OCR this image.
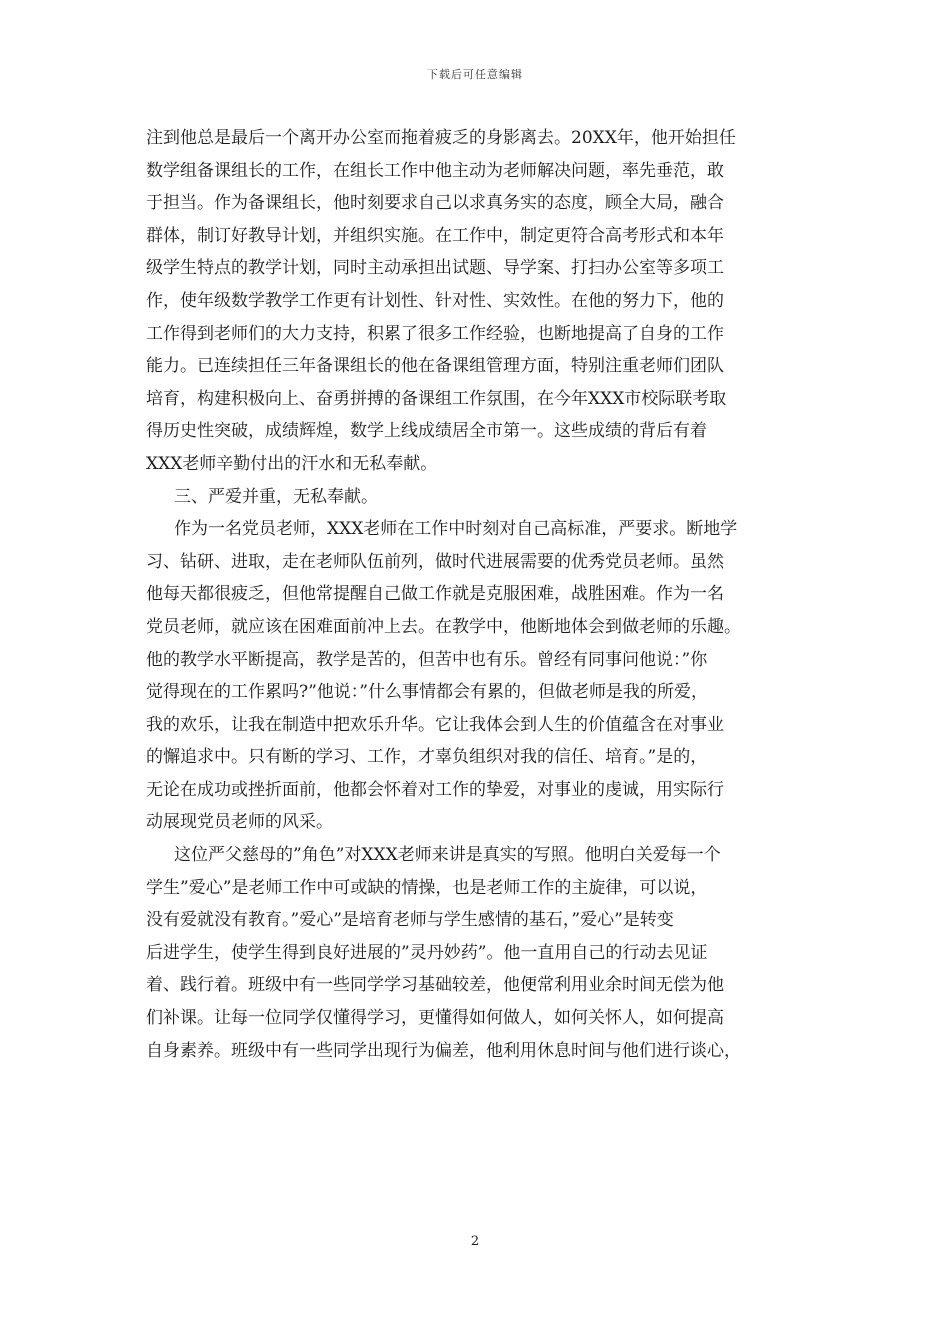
下载后可任意编辑
注到他总是最后一个离开办公室而拖着疲乏的身影离去。20XX年，他开始担任
数学组备课组长的工作，在组长工作中他主动为老师解决问题，率先垂范，敢
于担当。作为备课组长，他时刻要求自己以求真务实的态度，顾全大局，融合
群体，制订好教导计划，并组织实施。在工作中，制定更符合高考形式和本年
级学生特点的教学计划，同时主动承担出试题、导学案、打扫办公室等多项工
作，使年级数学教学工作更有计划性、针对性、实效性。在他的努力下，他的
工作得到老师们的大力支持，积累了很多工作经验，也断地提高了自身的工作
能力。已连续担任三年备课组长的他在备课组管理方面，特别注重老师们团队
培育，构建积极向上、奋勇拼搏的备课组工作氛围，在今年XXX市校际联考取
得历史性突破，成绩辉煌，数学上线成绩居全市第一。这些成绩的背后有着
XXX老师辛勤付出的汗水和无私奉献。
三、严爱并重，无私奉献。
作为一名党员老师，XXX老师在工作中时刻对自己高标准，严要求。断地学
习、钻研、进取，走在老师队伍前列，做时代进展需要的优秀党员老师。虽然
他每天都很疲乏，但他常提醒自己做工作就是克服困难，战胜困难。作为一名
党员老师，就应该在困难面前冲上去。在教学中，他断地体会到做老师的乐趣。
他的教学水平断提高，教学是苦的，但苦中也有乐。曾经有同事问他说：”你
觉得现在的工作累吗?”他说：”什么事情都会有累的，但做老师是我的所爱，
我的欢乐，让我在制造中把欢乐升华。它让我体会到人生的价值蕴含在对事业
的懈追求中。只有断的学习、工作，才辜负组织对我的信任、培育。”是的，
无论在成功或挫折面前，他都会怀着对工作的挚爱，对事业的虔诚，用实际行
动展现党员老师的风采。
这位严父慈母的”角色”对XXX老师来讲是真实的写照。他明白关爱每一个
学生”爱心”是老师工作中可或缺的情操，也是老师工作的主旋律，可以说，
没有爱就没有教育。”爱心”是培育老师与学生感情的基石，”爱心”是转变
后进学生，使学生得到良好进展的”灵丹妙药”。他一直用自己的行动去见证
着、践行着。班级中有一些同学学习基础较差，他便常利用业余时间无偿为他
们补课。让每一位同学仅懂得学习，更懂得如何做人，如何关怀人，如何提高
自身素养。班级中有一些同学出现行为偏差，他利用休息时间与他们进行谈心，
2
